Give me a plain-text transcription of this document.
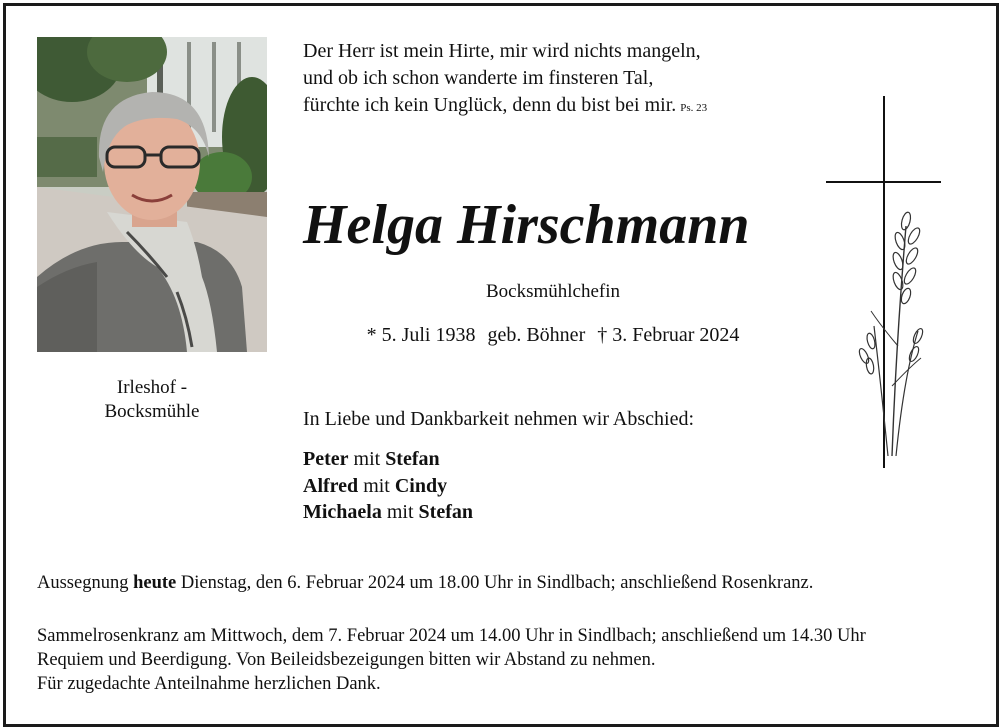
Irleshof -
Bocksmühle
Der Herr ist mein Hirte, mir wird nichts mangeln,
und ob ich schon wanderte im finsteren Tal,
fürchte ich kein Unglück, denn du bist bei mir. Ps. 23
Helga Hirschmann
Bocksmühlchefin
* 5. Juli 1938 geb. Böhner † 3. Februar 2024
In Liebe und Dankbarkeit nehmen wir Abschied:
Peter mit Stefan
Alfred mit Cindy
Michaela mit Stefan
Aussegnung heute Dienstag, den 6. Februar 2024 um 18.00 Uhr in Sindlbach; anschließend Rosenkranz.
Sammelrosenkranz am Mittwoch, dem 7. Februar 2024 um 14.00 Uhr in Sindlbach; anschließend um 14.30 Uhr
Requiem und Beerdigung. Von Beileidsbezeigungen bitten wir Abstand zu nehmen.
Für zugedachte Anteilnahme herzlichen Dank.
